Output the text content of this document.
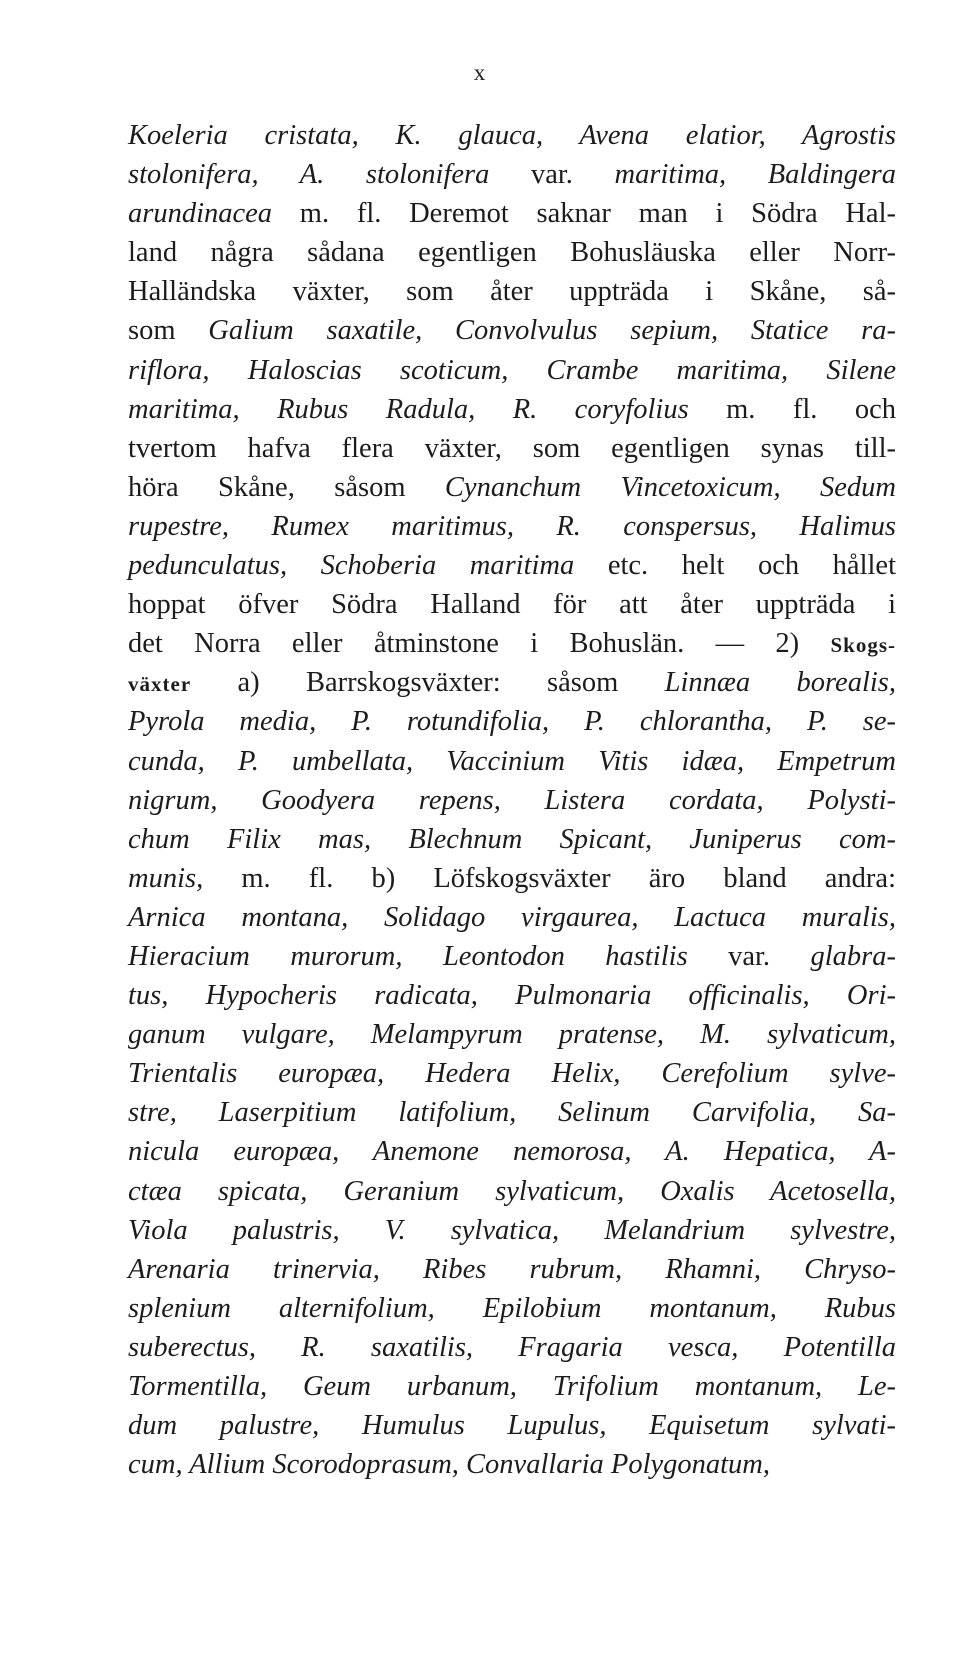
x
Koeleria cristata, K. glauca, Avena elatior, Agrostis
stolonifera, A. stolonifera var. maritima, Baldingera
arundinacea m. fl. Deremot saknar man i Södra Hal-
land några sådana egentligen Bohusläuska eller Norr-
Halländska växter, som åter uppträda i Skåne, så-
som Galium saxatile, Convolvulus sepium, Statice ra-
riflora, Haloscias scoticum, Crambe maritima, Silene
maritima, Rubus Radula, R. coryfolius m. fl. och
tvertom hafva flera växter, som egentligen synas till-
höra Skåne, såsom Cynanchum Vincetoxicum, Sedum
rupestre, Rumex maritimus, R. conspersus, Halimus
pedunculatus, Schoberia maritima etc. helt och hållet
hoppat öfver Södra Halland för att åter uppträda i
det Norra eller åtminstone i Bohuslän. — 2) Skogs-
växter a) Barrskogsväxter: såsom Linnæa borealis,
Pyrola media, P. rotundifolia, P. chlorantha, P. se-
cunda, P. umbellata, Vaccinium Vitis idæa, Empetrum
nigrum, Goodyera repens, Listera cordata, Polysti-
chum Filix mas, Blechnum Spicant, Juniperus com-
munis, m. fl. b) Löfskogsväxter äro bland andra:
Arnica montana, Solidago virgaurea, Lactuca muralis,
Hieracium murorum, Leontodon hastilis var. glabra-
tus, Hypocheris radicata, Pulmonaria officinalis, Ori-
ganum vulgare, Melampyrum pratense, M. sylvaticum,
Trientalis europæa, Hedera Helix, Cerefolium sylve-
stre, Laserpitium latifolium, Selinum Carvifolia, Sa-
nicula europæa, Anemone nemorosa, A. Hepatica, A-
ctæa spicata, Geranium sylvaticum, Oxalis Acetosella,
Viola palustris, V. sylvatica, Melandrium sylvestre,
Arenaria trinervia, Ribes rubrum, Rhamni, Chryso-
splenium alternifolium, Epilobium montanum, Rubus
suberectus, R. saxatilis, Fragaria vesca, Potentilla
Tormentilla, Geum urbanum, Trifolium montanum, Le-
dum palustre, Humulus Lupulus, Equisetum sylvati-
cum, Allium Scorodoprasum, Convallaria Polygonatum,
